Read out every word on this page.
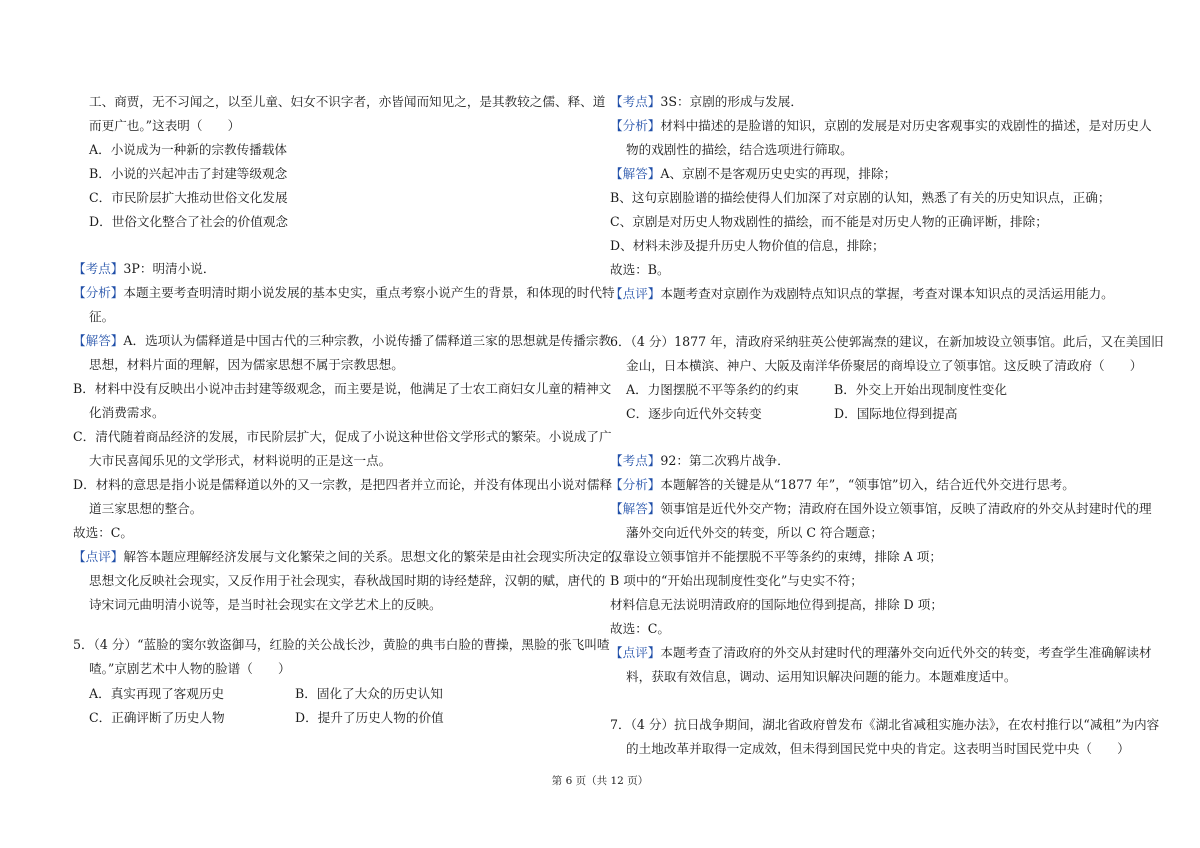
工、商贾，无不习闻之，以至儿童、妇女不识字者，亦皆闻而知见之，是其教较之儒、释、道
而更广也。”这表明（　　）
A．小说成为一种新的宗教传播载体
B．小说的兴起冲击了封建等级观念
C．市民阶层扩大推动世俗文化发展
D．世俗文化整合了社会的价值观念
【考点】3P：明清小说．
【分析】本题主要考查明清时期小说发展的基本史实，重点考察小说产生的背景，和体现的时代特
征。
【解答】A．选项认为儒释道是中国古代的三种宗教，小说传播了儒释道三家的思想就是传播宗教
思想，材料片面的理解，因为儒家思想不属于宗教思想。
B．材料中没有反映出小说冲击封建等级观念，而主要是说，他满足了士农工商妇女儿童的精神文
化消费需求。
C．清代随着商品经济的发展，市民阶层扩大，促成了小说这种世俗文学形式的繁荣。小说成了广
大市民喜闻乐见的文学形式，材料说明的正是这一点。
D．材料的意思是指小说是儒释道以外的又一宗教，是把四者并立而论，并没有体现出小说对儒释
道三家思想的整合。
故选：C。
【点评】解答本题应理解经济发展与文化繁荣之间的关系。思想文化的繁荣是由社会现实所决定的。
思想文化反映社会现实，又反作用于社会现实，春秋战国时期的诗经楚辞，汉朝的赋，唐代的
诗宋词元曲明清小说等，是当时社会现实在文学艺术上的反映。
5．（4 分）“蓝脸的窦尔敦盗御马，红脸的关公战长沙，黄脸的典韦白脸的曹操，黑脸的张飞叫喳
喳。”京剧艺术中人物的脸谱（　　）
A．真实再现了客观历史	B．固化了大众的历史认知
C．正确评断了历史人物	D．提升了历史人物的价值
【考点】3S：京剧的形成与发展．
【分析】材料中描述的是脸谱的知识，京剧的发展是对历史客观事实的戏剧性的描述，是对历史人
物的戏剧性的描绘，结合选项进行筛取。
【解答】A、京剧不是客观历史史实的再现，排除；
B、这句京剧脸谱的描绘使得人们加深了对京剧的认知，熟悉了有关的历史知识点，正确；
C、京剧是对历史人物戏剧性的描绘，而不能是对历史人物的正确评断，排除；
D、材料未涉及提升历史人物价值的信息，排除；
故选：B。
【点评】本题考查对京剧作为戏剧特点知识点的掌握，考查对课本知识点的灵活运用能力。
6．（4 分）1877 年，清政府采纳驻英公使郭嵩焘的建议，在新加坡设立领事馆。此后，又在美国旧
金山，日本横滨、神户、大阪及南洋华侨聚居的商埠设立了领事馆。这反映了清政府（　　）
A．力图摆脱不平等条约的约束	B．外交上开始出现制度性变化
C．逐步向近代外交转变	D．国际地位得到提高
【考点】92：第二次鸦片战争．
【分析】本题解答的关键是从“1877 年”，“领事馆”切入，结合近代外交进行思考。
【解答】领事馆是近代外交产物；清政府在国外设立领事馆，反映了清政府的外交从封建时代的理
藩外交向近代外交的转变，所以 C 符合题意；
仅靠设立领事馆并不能摆脱不平等条约的束缚，排除 A 项；
B 项中的“开始出现制度性变化”与史实不符；
材料信息无法说明清政府的国际地位得到提高，排除 D 项；
故选：C。
【点评】本题考查了清政府的外交从封建时代的理藩外交向近代外交的转变，考查学生准确解读材
料，获取有效信息，调动、运用知识解决问题的能力。本题难度适中。
7．（4 分）抗日战争期间，湖北省政府曾发布《湖北省减租实施办法》，在农村推行以“减租”为内容
的土地改革并取得一定成效，但未得到国民党中央的肯定。这表明当时国民党中央（　　）
第 6 页（共 12 页）
